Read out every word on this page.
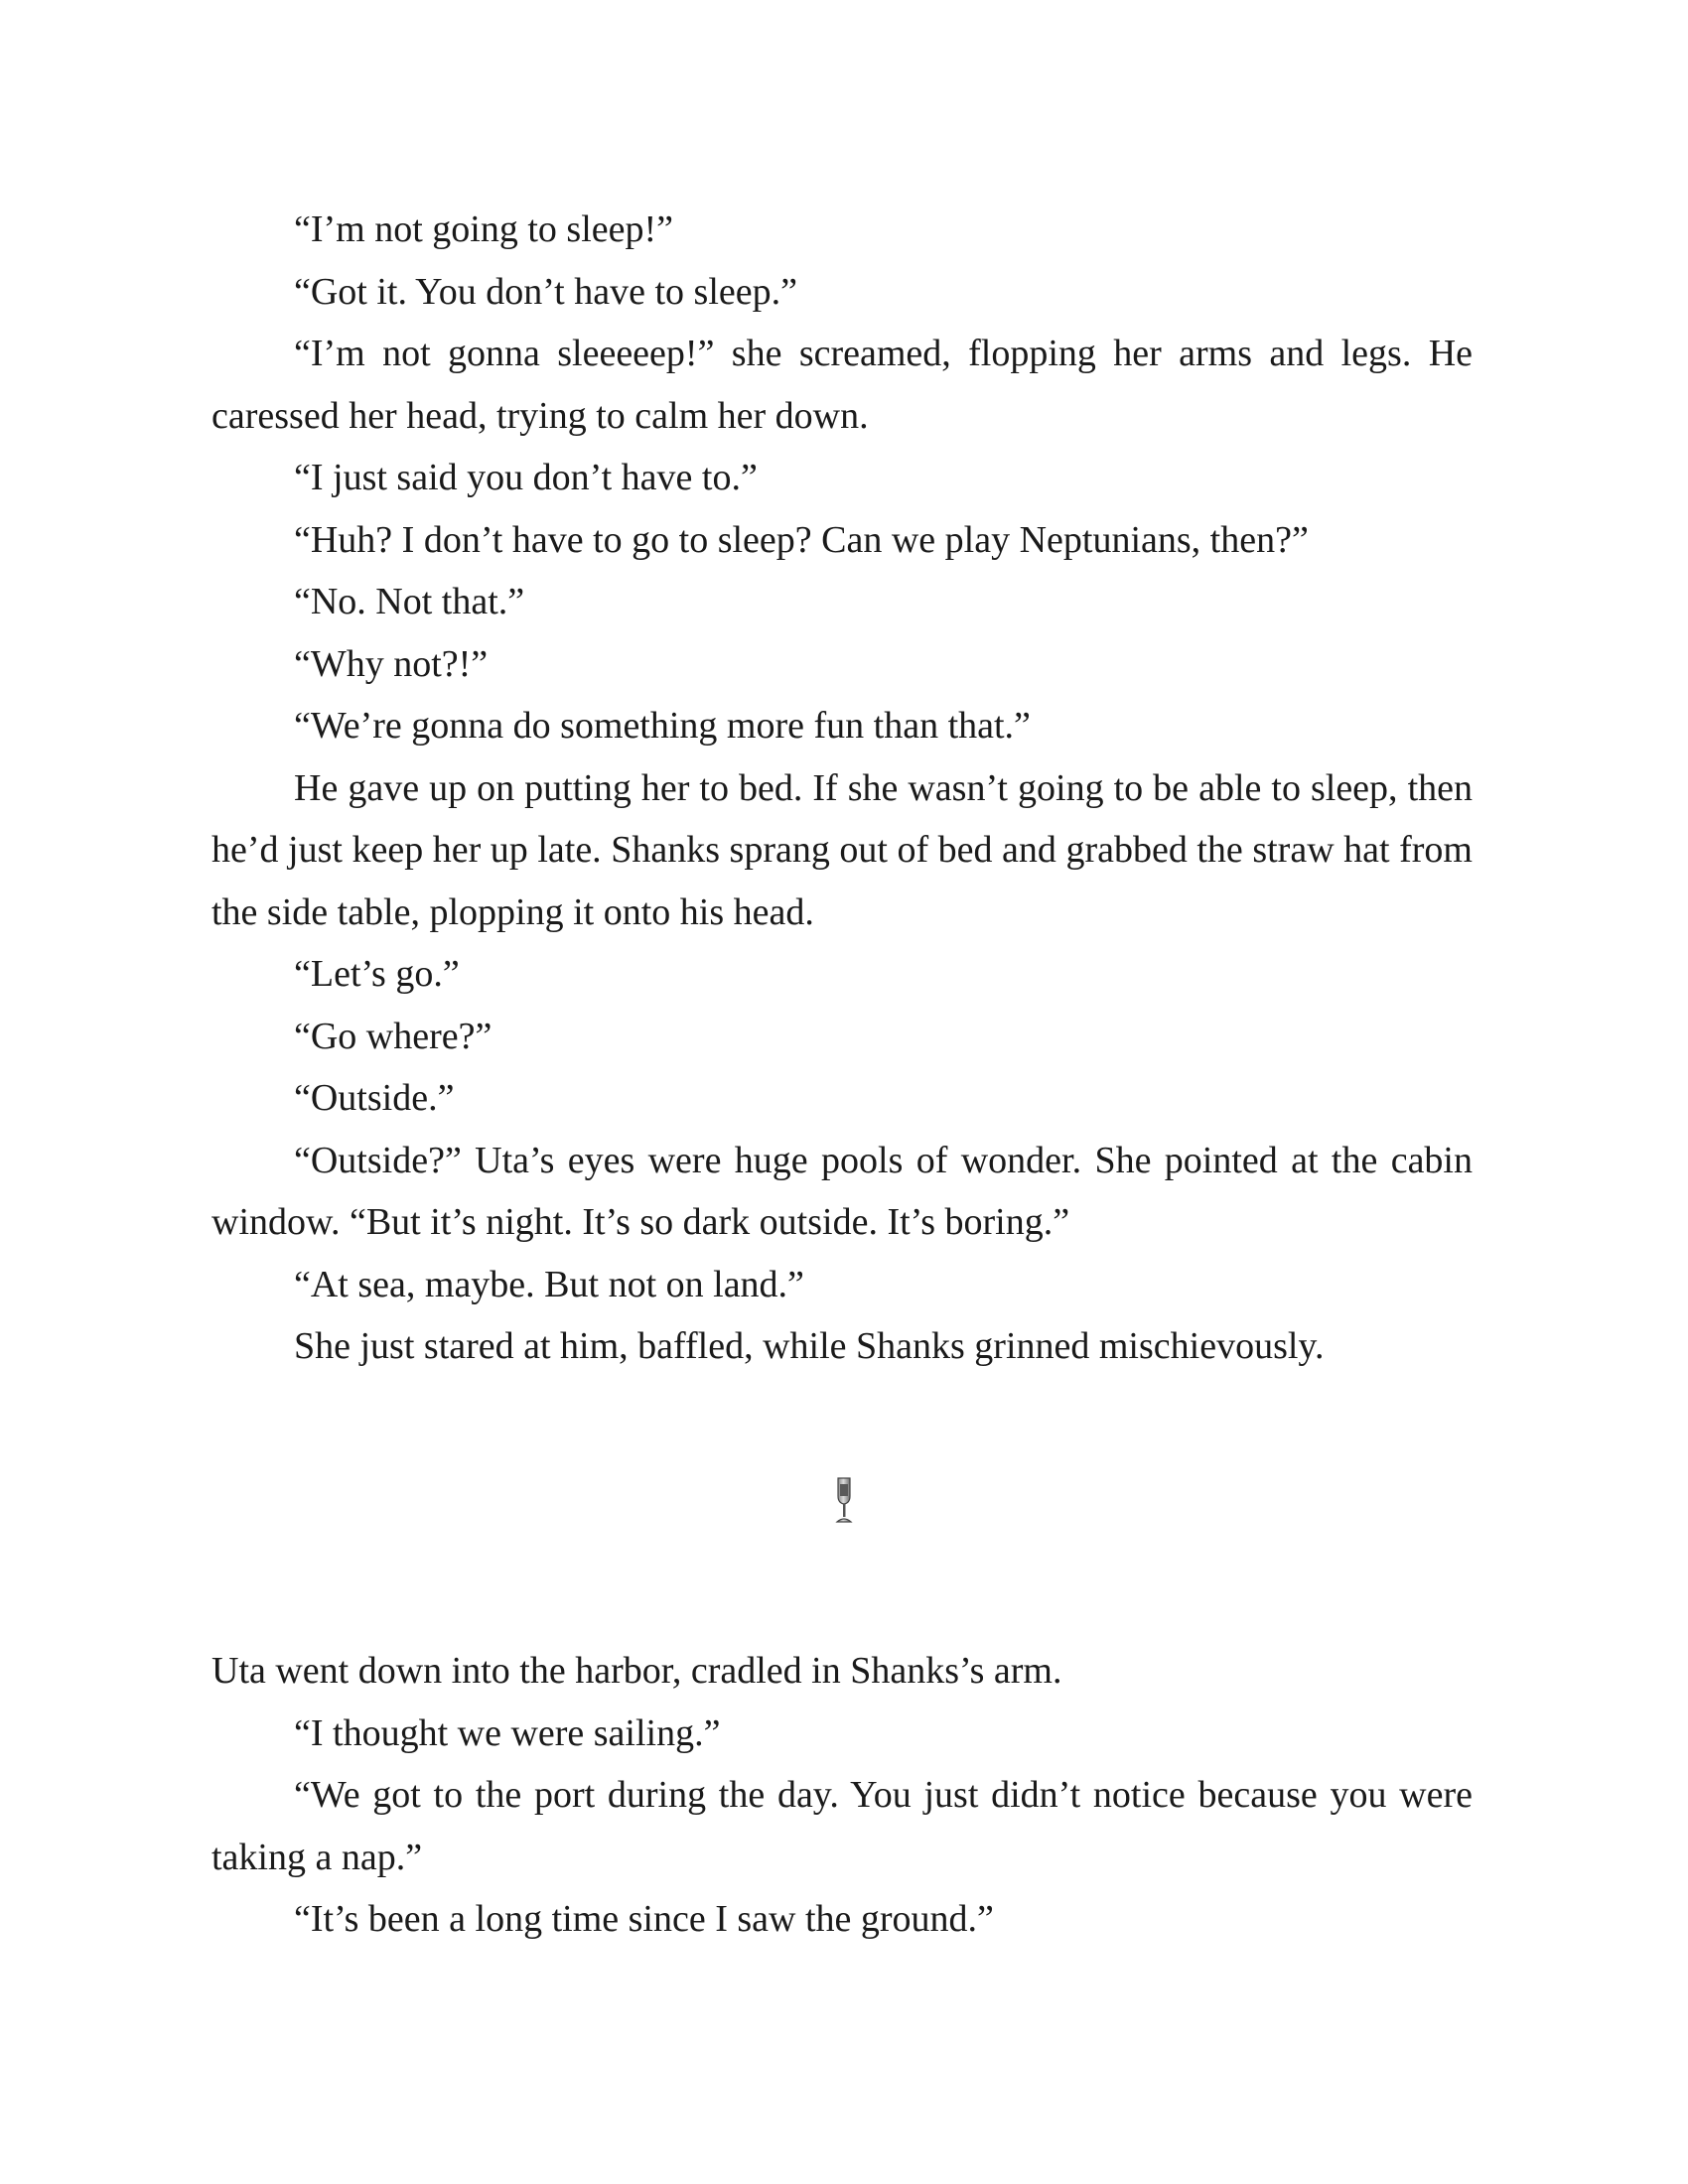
“I’m not going to sleep!”

“Got it. You don’t have to sleep.”

“I’m not gonna sleeeeep!” she screamed, flopping her arms and legs. He caressed her head, trying to calm her down.

“I just said you don’t have to.”

“Huh? I don’t have to go to sleep? Can we play Neptunians, then?”

“No. Not that.”

“Why not?!”

“We’re gonna do something more fun than that.”

He gave up on putting her to bed. If she wasn’t going to be able to sleep, then he’d just keep her up late. Shanks sprang out of bed and grabbed the straw hat from the side table, plopping it onto his head.

“Let’s go.”

“Go where?”

“Outside.”

“Outside?” Uta’s eyes were huge pools of wonder. She pointed at the cabin window. “But it’s night. It’s so dark outside. It’s boring.”

“At sea, maybe. But not on land.”

She just stared at him, baffled, while Shanks grinned mischievously.

Uta went down into the harbor, cradled in Shanks’s arm.

“I thought we were sailing.”

“We got to the port during the day. You just didn’t notice because you were taking a nap.”

“It’s been a long time since I saw the ground.”
